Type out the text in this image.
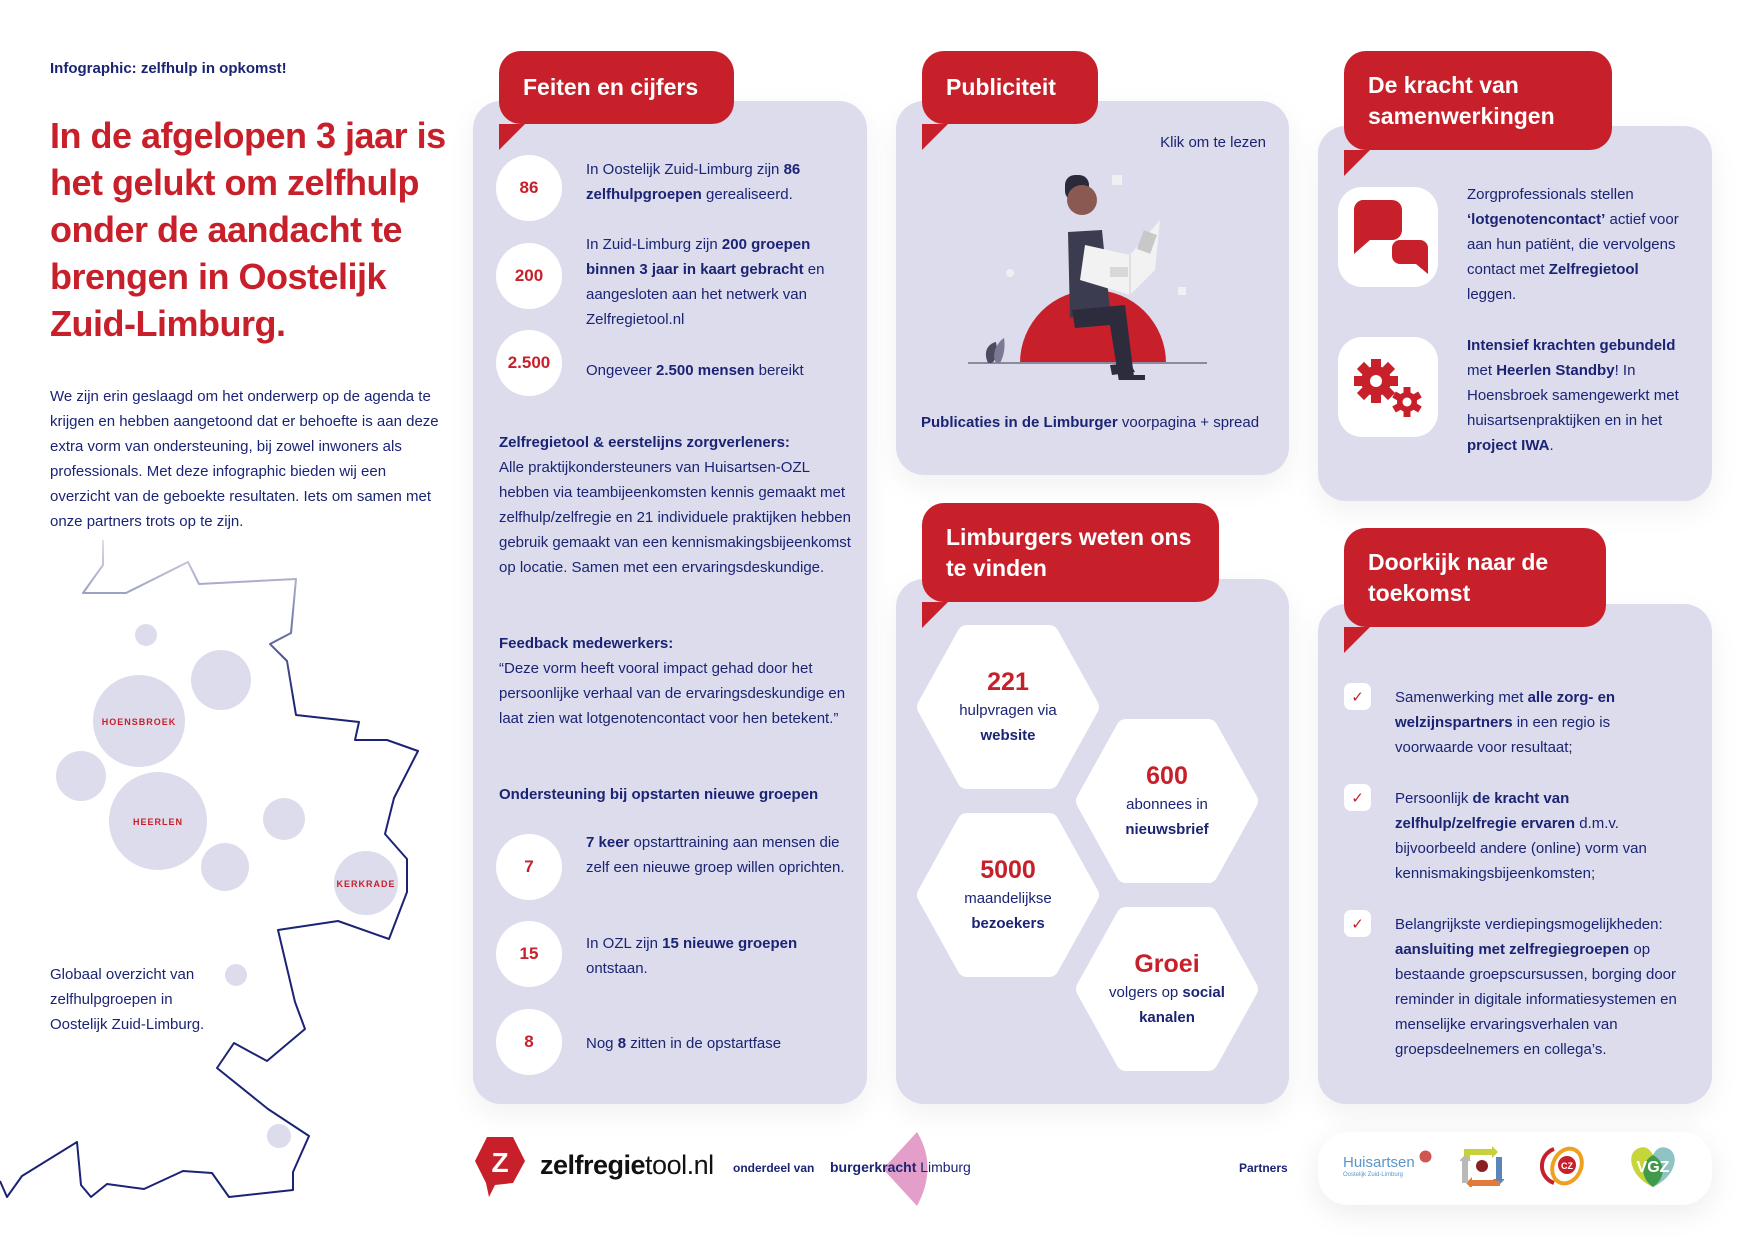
Infographic: zelfhulp in opkomst!
In de afgelopen 3 jaar is het gelukt om zelfhulp onder de aandacht te brengen in Oostelijk Zuid-Limburg.
We zijn erin geslaagd om het onderwerp op de agenda te krijgen en hebben aangetoond dat er behoefte is aan deze extra vorm van ondersteuning, bij zowel inwoners als professionals. Met deze infographic bieden wij een overzicht van de geboekte resultaten. Iets om samen met onze partners trots op te zijn.
HOENSBROEK
HEERLEN
KERKRADE
Globaal overzicht van zelfhulpgroepen in Oostelijk Zuid-Limburg.
Feiten en cijfers
86
In Oostelijk Zuid-Limburg zijn 86 zelfhulpgroepen gerealiseerd.
200
In Zuid-Limburg zijn 200 groepen binnen 3 jaar in kaart gebracht en aangesloten aan het netwerk van Zelfregietool.nl
2.500	Ongeveer 2.500 mensen bereikt
Zelfregietool & eerstelijns zorgverleners:
Alle praktijkondersteuners van Huisartsen-OZL hebben via teambijeenkomsten kennis gemaakt met zelfhulp/zelfregie en 21 individuele praktijken hebben gebruik gemaakt van een kennismakingsbijeenkomst op locatie. Samen met een ervaringsdeskundige.
Feedback medewerkers:
“Deze vorm heeft vooral impact gehad door het persoonlijke verhaal van de ervaringsdeskundige en laat zien wat lotgenotencontact voor hen betekent.”
Ondersteuning bij opstarten nieuwe groepen
7
7 keer opstarttraining aan mensen die zelf een nieuwe groep willen oprichten.
15
In OZL zijn 15 nieuwe groepen ontstaan.
8	Nog 8 zitten in de opstartfase
Publiciteit
Klik om te lezen
Publicaties in de Limburger voorpagina + spread
Limburgers weten ons te vinden
221
hulpvragen via
website
600
abonnees in
nieuwsbrief
5000
maandelijkse
bezoekers
Groei
volgers op social kanalen
De kracht van samenwerkingen
Zorgprofessionals stellen ‘lotgenotencontact’ actief voor aan hun patiënt, die vervolgens contact met Zelfregietool leggen.
Intensief krachten gebundeld met Heerlen Standby! In Hoensbroek samengewerkt met huisartsenpraktijken en in het project IWA.
Doorkijk naar de toekomst
✓	Samenwerking met alle zorg- en welzijnspartners in een regio is voorwaarde voor resultaat;
✓	Persoonlijk de kracht van zelfhulp/zelfregie ervaren d.m.v. bijvoorbeeld andere (online) vorm van kennismakingsbijeenkomsten;
✓	Belangrijkste verdiepingsmogelijkheden: aansluiting met zelfregiegroepen op bestaande groepscursussen, borging door reminder in digitale informatiesystemen en menselijke ervaringsverhalen van groepsdeelnemers en collega’s.
Z zelfregietool.nl onderdeel van burgerkracht Limburg	Partners	Huisartsen
Oostelijk Zuid-Limburg
CZ	VGZ
